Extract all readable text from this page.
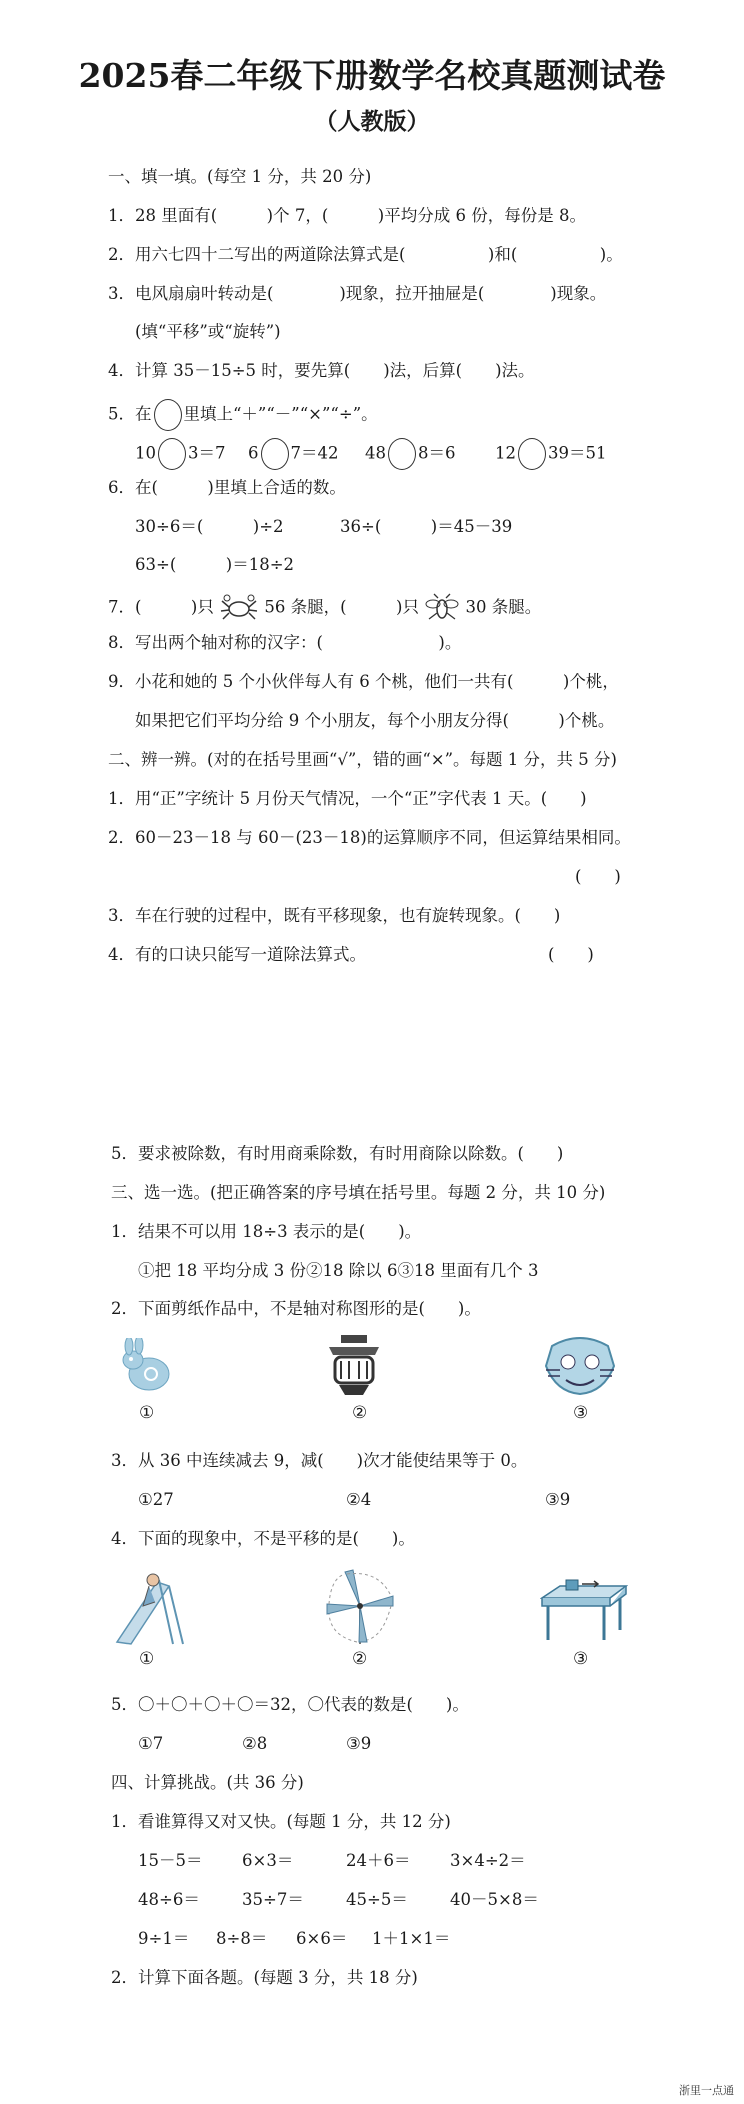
2025春二年级下册数学名校真题测试卷
（人教版）
一、填一填。(每空 1 分，共 20 分)
1．28 里面有(　　　)个 7，(　　　)平均分成 6 份，每份是 8。
2．用六七四十二写出的两道除法算式是(　　　　　)和(　　　　　)。
3．电风扇扇叶转动是(　　　　)现象，拉开抽屉是(　　　　)现象。
(填“平移”或“旋转”)
4．计算 35－15÷5 时，要先算(　　)法，后算(　　)法。
5．在 里填上“＋”“－”“×”“÷”。
10 3＝7 6 7＝42 48 8＝6 12 39＝51
6．在(　　　)里填上合适的数。
30÷6＝(　　　)÷2	36÷(　　　)＝45－39
63÷(　　　)＝18÷2
7．(　　　)只	56 条腿，(　　　)只	30 条腿。
8．写出两个轴对称的汉字：(　　　　　　　)。
9．小花和她的 5 个小伙伴每人有 6 个桃，他们一共有(　　　)个桃，
如果把它们平均分给 9 个小朋友，每个小朋友分得(　　　)个桃。
二、辨一辨。(对的在括号里画“√”，错的画“×”。每题 1 分，共 5 分)
1．用“正”字统计 5 月份天气情况，一个“正”字代表 1 天。(　　)
2．60－23－18 与 60－(23－18)的运算顺序不同，但运算结果相同。
(　　)
3．车在行驶的过程中，既有平移现象，也有旋转现象。(　　)
4．有的口诀只能写一道除法算式。	(　　)
5．要求被除数，有时用商乘除数，有时用商除以除数。(　　)
三、选一选。(把正确答案的序号填在括号里。每题 2 分，共 10 分)
1．结果不可以用 18÷3 表示的是(　　)。
①把 18 平均分成 3 份②18 除以 6③18 里面有几个 3
2．下面剪纸作品中，不是轴对称图形的是(　　)。
①	②	③
3．从 36 中连续减去 9，减(　　)次才能使结果等于 0。
①27	②4	③9
4．下面的现象中，不是平移的是(　　)。
①	②	③
5．〇＋〇＋〇＋〇＝32，〇代表的数是(　　)。
①7	②8	③9
四、计算挑战。(共 36 分)
1．看谁算得又对又快。(每题 1 分，共 12 分)
15－5＝ 6×3＝	24＋6＝ 3×4÷2＝
48÷6＝	35÷7＝	45÷5＝	40－5×8＝
9÷1＝ 8÷8＝ 6×6＝ 1＋1×1＝
2．计算下面各题。(每题 3 分，共 18 分)
浙里一点通
